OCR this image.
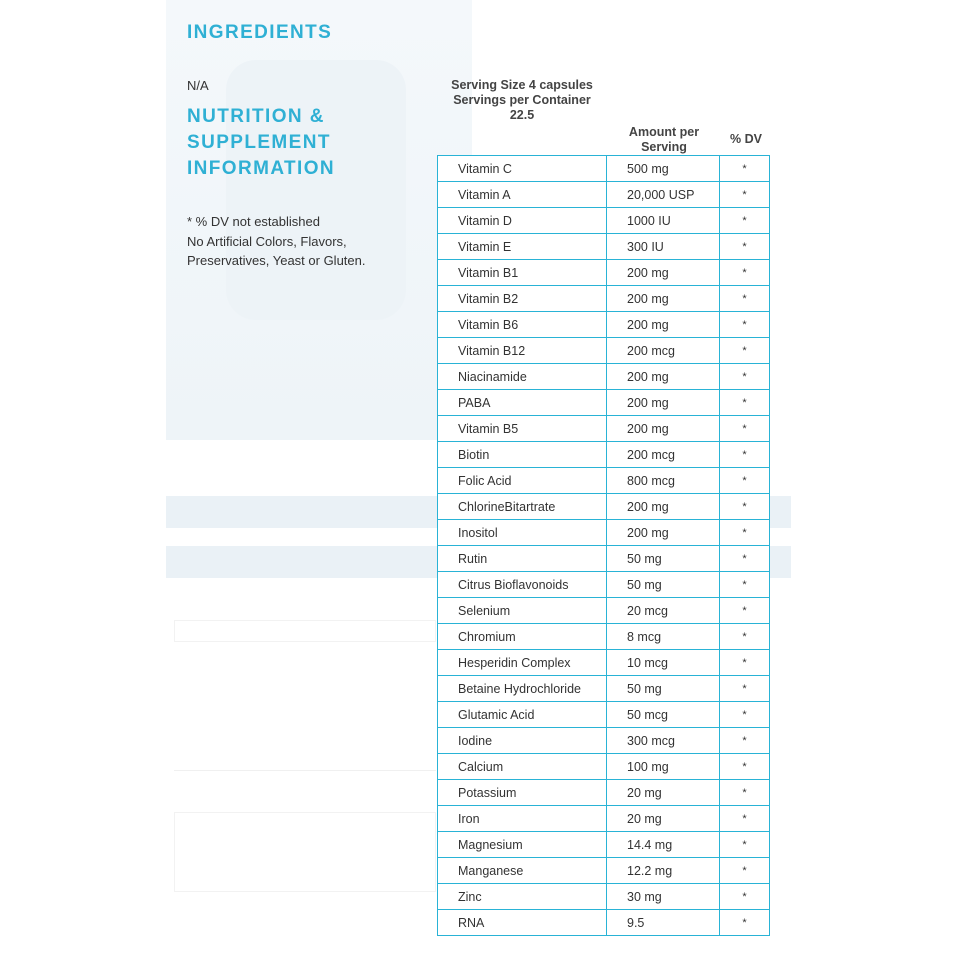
INGREDIENTS
N/A
NUTRITION &
SUPPLEMENT
INFORMATION
* % DV not established
No Artificial Colors, Flavors,
Preservatives, Yeast or Gluten.
Serving Size 4 capsules
Servings per Container
22.5
Amount per
Serving
% DV
Vitamin C	500 mg	*
Vitamin A	20,000 USP	*
Vitamin D	1000 IU	*
Vitamin E	300 IU	*
Vitamin B1	200 mg	*
Vitamin B2	200 mg	*
Vitamin B6	200 mg	*
Vitamin B12	200 mcg	*
Niacinamide	200 mg	*
PABA	200 mg	*
Vitamin B5	200 mg	*
Biotin	200 mcg	*
Folic Acid	800 mcg	*
ChlorineBitartrate	200 mg	*
Inositol	200 mg	*
Rutin	50 mg	*
Citrus Bioflavonoids	50 mg	*
Selenium	20 mcg	*
Chromium	8 mcg	*
Hesperidin Complex	10 mcg	*
Betaine Hydrochloride	50 mg	*
Glutamic Acid	50 mcg	*
Iodine	300 mcg	*
Calcium	100 mg	*
Potassium	20 mg	*
Iron	20 mg	*
Magnesium	14.4 mg	*
Manganese	12.2 mg	*
Zinc	30 mg	*
RNA	9.5	*
